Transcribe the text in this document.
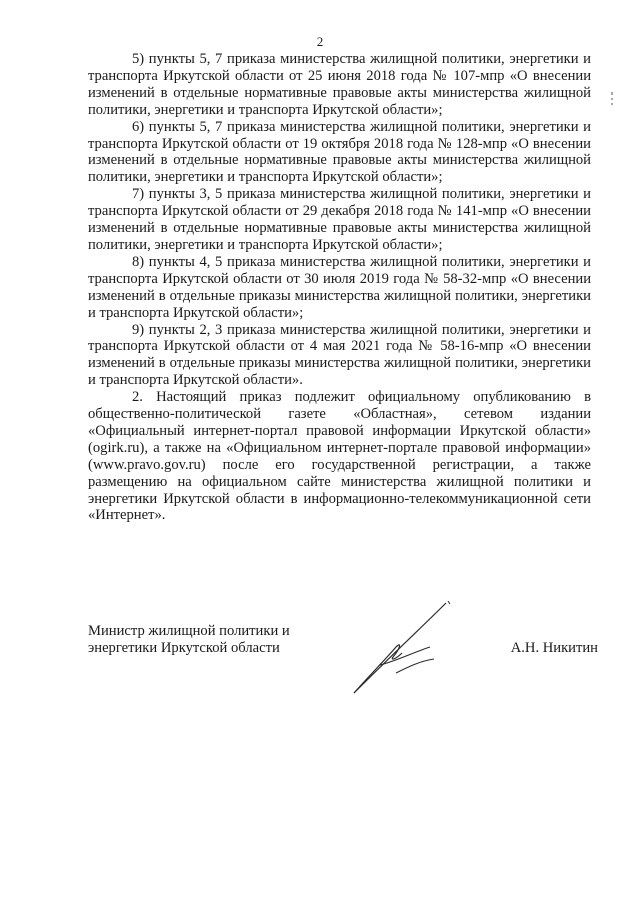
2

5) пункты 5, 7 приказа министерства жилищной политики, энергетики и транспорта Иркутской области от 25 июня 2018 года № 107-мпр «О внесении изменений в отдельные нормативные правовые акты министерства жилищной политики, энергетики и транспорта Иркутской области»;

6) пункты 5, 7 приказа министерства жилищной политики, энергетики и транспорта Иркутской области от 19 октября 2018 года № 128-мпр «О внесении изменений в отдельные нормативные правовые акты министерства жилищной политики, энергетики и транспорта Иркутской области»;

7) пункты 3, 5 приказа министерства жилищной политики, энергетики и транспорта Иркутской области от 29 декабря 2018 года № 141-мпр «О внесении изменений в отдельные нормативные правовые акты министерства жилищной политики, энергетики и транспорта Иркутской области»;

8) пункты 4, 5 приказа министерства жилищной политики, энергетики и транспорта Иркутской области от 30 июля 2019 года № 58-32-мпр «О внесении изменений в отдельные приказы министерства жилищной политики, энергетики и транспорта Иркутской области»;

9) пункты 2, 3 приказа министерства жилищной политики, энергетики и транспорта Иркутской области от 4 мая 2021 года № 58-16-мпр «О внесении изменений в отдельные приказы министерства жилищной политики, энергетики и транспорта Иркутской области».

2. Настоящий приказ подлежит официальному опубликованию в общественно-политической газете «Областная», сетевом издании «Официальный интернет-портал правовой информации Иркутской области» (ogirk.ru), а также на «Официальном интернет-портале правовой информации» (www.pravo.gov.ru) после его государственной регистрации, а также размещению на официальном сайте министерства жилищной политики и энергетики Иркутской области в информационно-телекоммуникационной сети «Интернет».

Министр жилищной политики и
энергетики Иркутской области	А.Н. Никитин
